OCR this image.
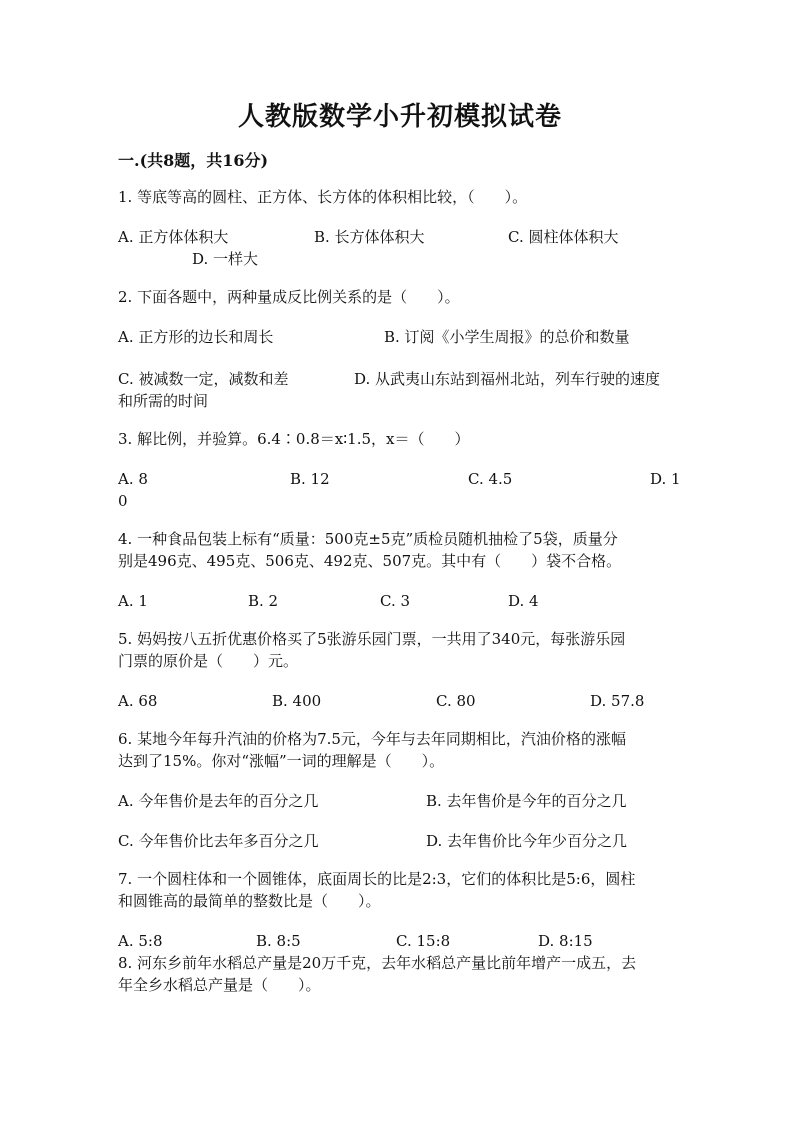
人教版数学小升初模拟试卷
一.(共8题，共16分)
1. 等底等高的圆柱、正方体、长方体的体积相比较，（　　）。
A. 正方体体积大	B. 长方体体积大	C. 圆柱体体积大
D. 一样大
2. 下面各题中，两种量成反比例关系的是（　　）。
A. 正方形的边长和周长	B. 订阅《小学生周报》的总价和数量
C. 被减数一定，减数和差	D. 从武夷山东站到福州北站，列车行驶的速度
和所需的时间
3. 解比例，并验算。6.4∶0.8＝x∶1.5，x＝（　　）
A. 8	B. 12	C. 4.5	D. 1
0
4. 一种食品包装上标有“质量：500克±5克”质检员随机抽检了5袋，质量分
别是496克、495克、506克、492克、507克。其中有（　　）袋不合格。
A. 1	B. 2	C. 3	D. 4
5. 妈妈按八五折优惠价格买了5张游乐园门票，一共用了340元，每张游乐园
门票的原价是（　　）元。
A. 68	B. 400	C. 80	D. 57.8
6. 某地今年每升汽油的价格为7.5元，今年与去年同期相比，汽油价格的涨幅
达到了15%。你对“涨幅”一词的理解是（　　）。
A. 今年售价是去年的百分之几	B. 去年售价是今年的百分之几
C. 今年售价比去年多百分之几	D. 去年售价比今年少百分之几
7. 一个圆柱体和一个圆锥体，底面周长的比是2:3，它们的体积比是5:6，圆柱
和圆锥高的最简单的整数比是（　　）。
A. 5:8	B. 8:5	C. 15:8	D. 8:15
8. 河东乡前年水稻总产量是20万千克，去年水稻总产量比前年增产一成五，去
年全乡水稻总产量是（　　）。
